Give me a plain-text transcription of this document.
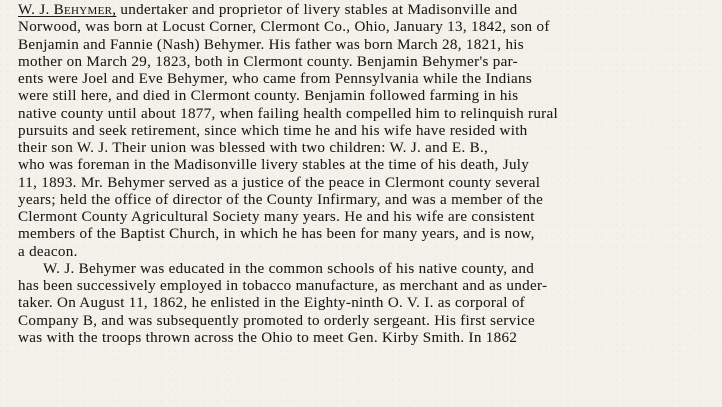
W. J. Behymer, undertaker and proprietor of livery stables at Madisonville and
Norwood, was born at Locust Corner, Clermont Co., Ohio, January 13, 1842, son of
Benjamin and Fannie (Nash) Behymer. His father was born March 28, 1821, his
mother on March 29, 1823, both in Clermont county. Benjamin Behymer's par-
ents were Joel and Eve Behymer, who came from Pennsylvania while the Indians
were still here, and died in Clermont county. Benjamin followed farming in his
native county until about 1877, when failing health compelled him to relinquish rural
pursuits and seek retirement, since which time he and his wife have resided with
their son W. J. Their union was blessed with two children: W. J. and E. B.,
who was foreman in the Madisonville livery stables at the time of his death, July
11, 1893. Mr. Behymer served as a justice of the peace in Clermont county several
years; held the office of director of the County Infirmary, and was a member of the
Clermont County Agricultural Society many years. He and his wife are consistent
members of the Baptist Church, in which he has been for many years, and is now,
a deacon.
W. J. Behymer was educated in the common schools of his native county, and
has been successively employed in tobacco manufacture, as merchant and as under-
taker. On August 11, 1862, he enlisted in the Eighty-ninth O. V. I. as corporal of
Company B, and was subsequently promoted to orderly sergeant. His first service
was with the troops thrown across the Ohio to meet Gen. Kirby Smith. In 1862
